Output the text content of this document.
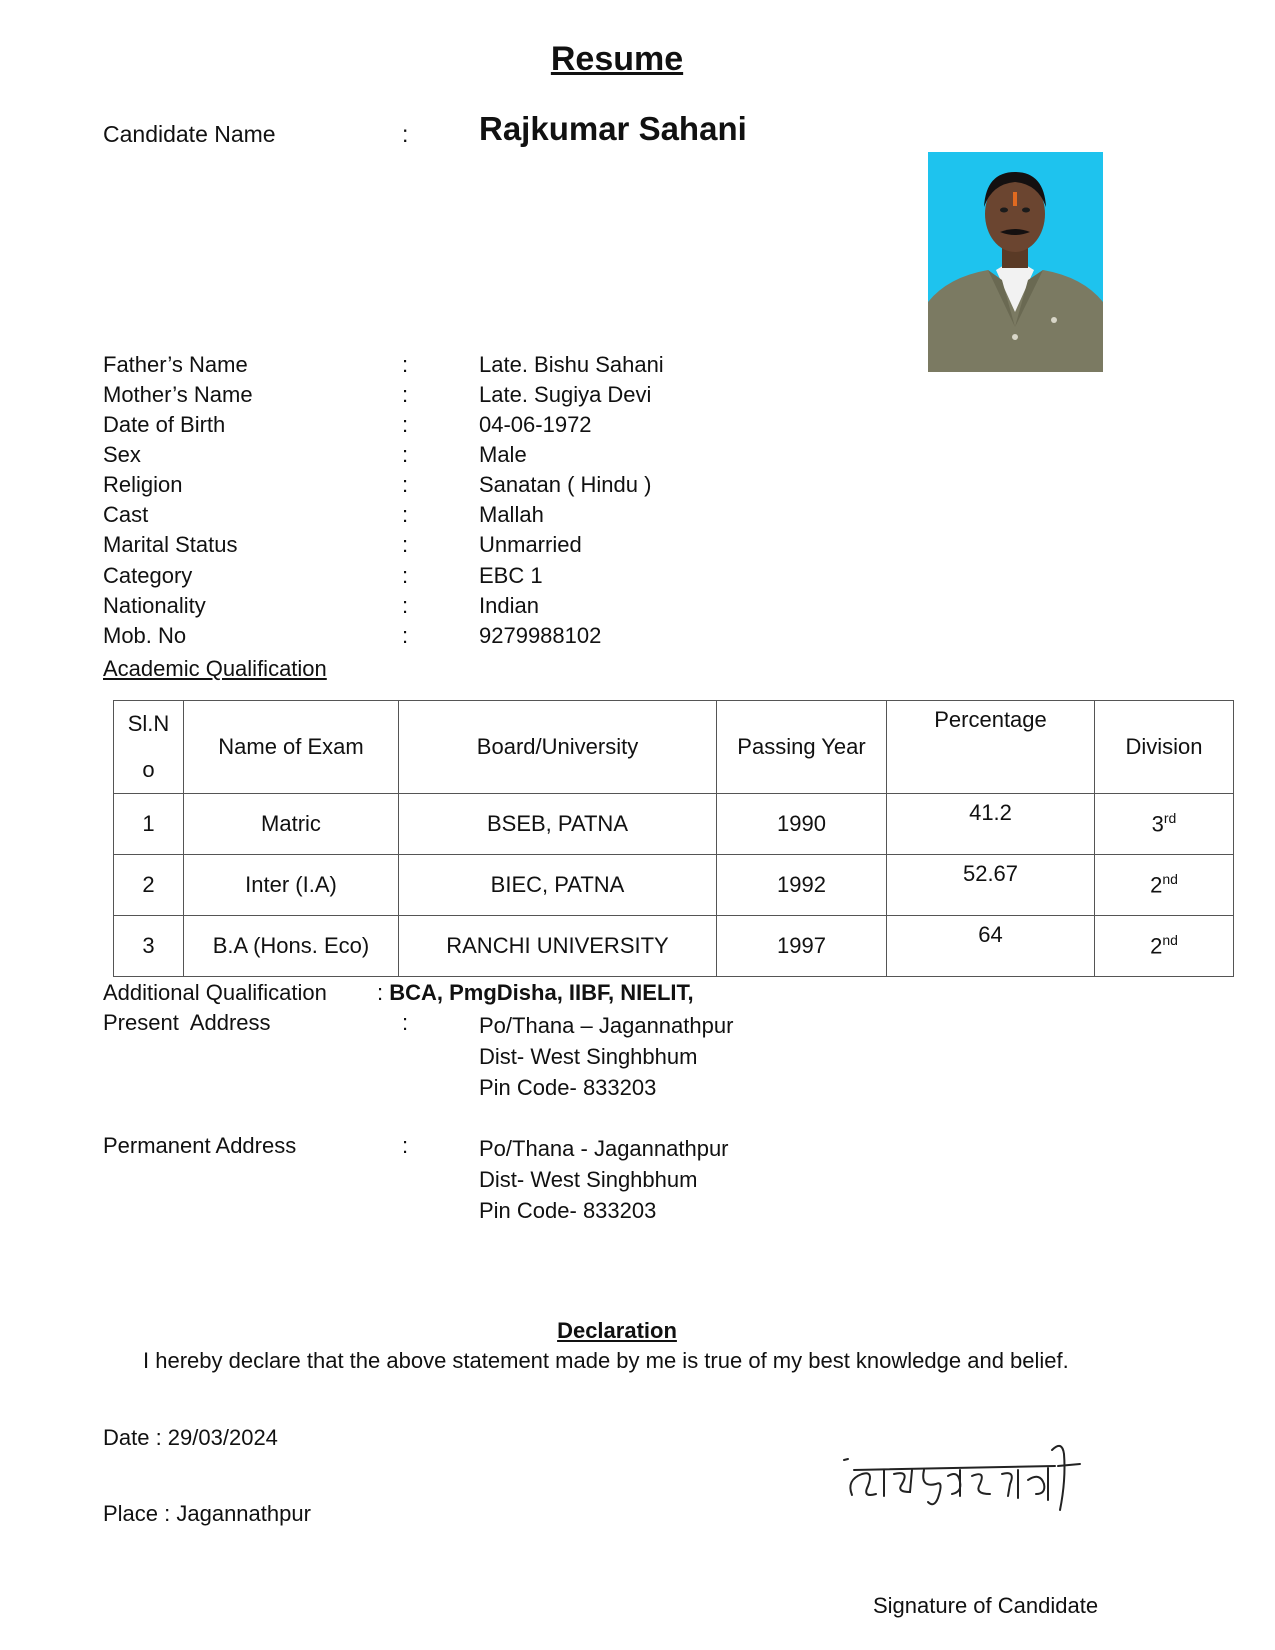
Resume
Candidate Name	: Rajkumar Sahani
Father’s Name	:	Late. Bishu Sahani
Mother’s Name	:	Late. Sugiya Devi
Date of Birth	:	04-06-1972
Sex	:	Male
Religion	:	Sanatan ( Hindu )
Cast	:	Mallah
Marital Status	:	Unmarried
Category	:	EBC 1
Nationality	:	Indian
Mob. No	:	9279988102
Academic Qualification
Sl.N
o	Name of Exam	Board/University	Passing Year	Percentage	Division
1	Matric	BSEB, PATNA	1990	41.2	3rd
2	Inter (I.A)	BIEC, PATNA	1992	52.67	2nd
3	B.A (Hons. Eco)	RANCHI UNIVERSITY	1997	64	2nd
Additional Qualification : BCA, PmgDisha, IIBF, NIELIT,
Present  Address	:	Po/Thana – Jagannathpur
Dist- West Singhbhum
Pin Code- 833203
Permanent Address	:	Po/Thana - Jagannathpur
Dist- West Singhbhum
Pin Code- 833203
Declaration
I hereby declare that the above statement made by me is true of my best knowledge and belief.
Date : 29/03/2024
Place : Jagannathpur
Signature of Candidate
